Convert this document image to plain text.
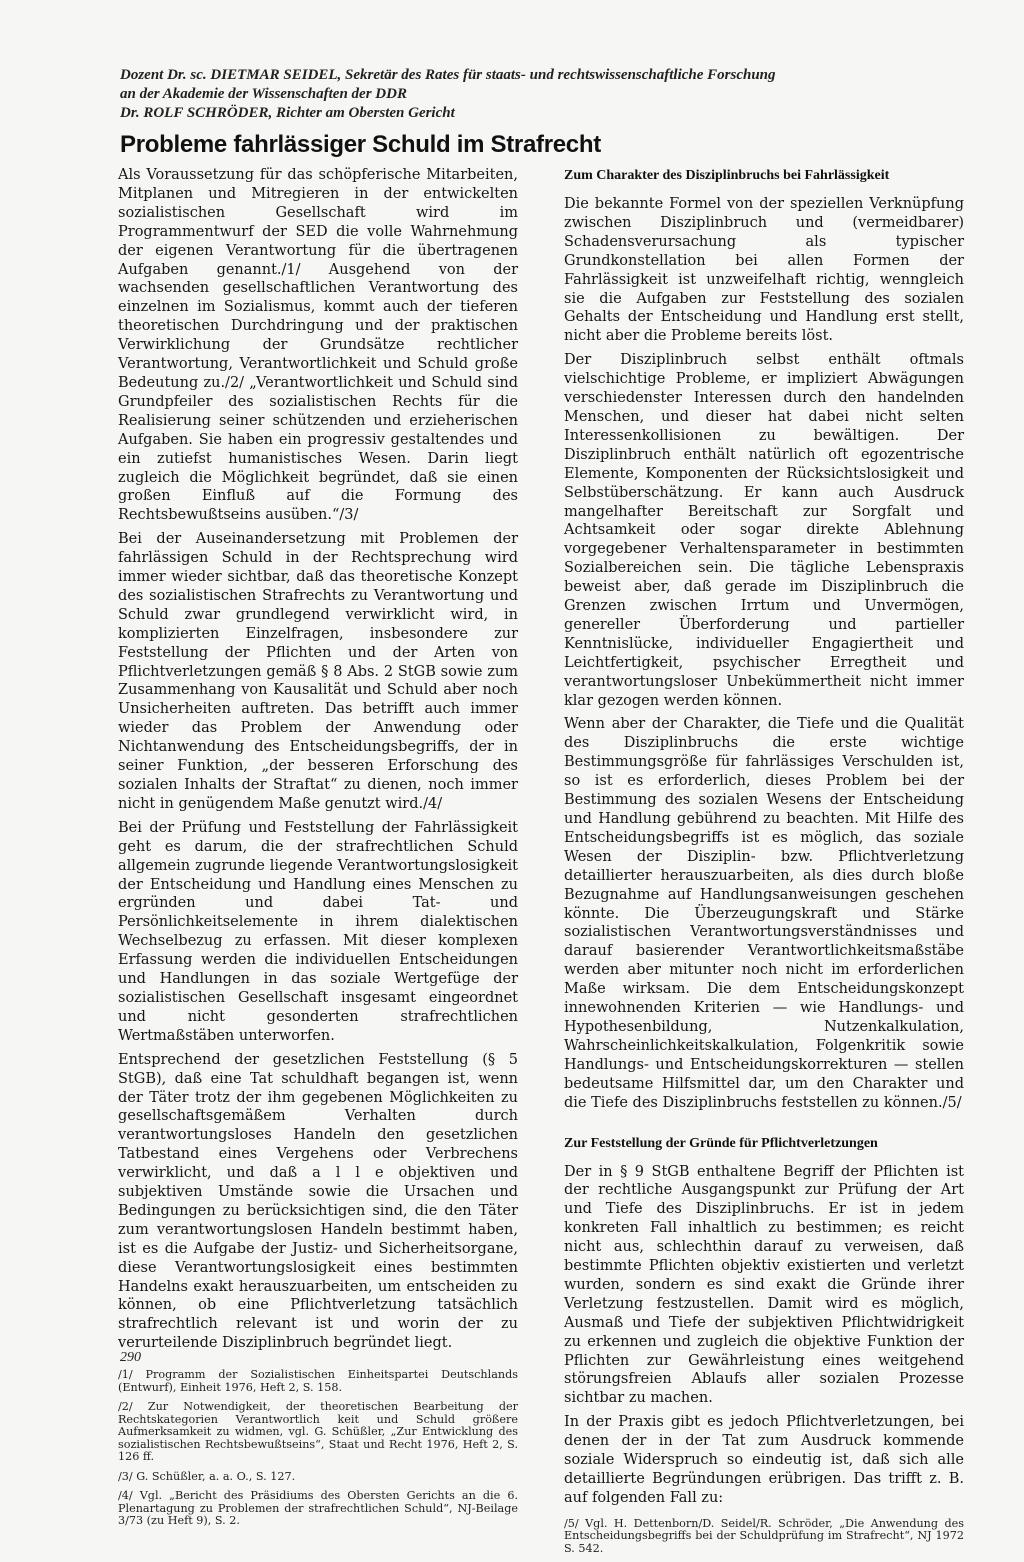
Dozent Dr. sc. DIETMAR SEIDEL, Sekretär des Rates für staats- und rechtswissenschaftliche Forschung
an der Akademie der Wissenschaften der DDR
Dr. ROLF SCHRÖDER, Richter am Obersten Gericht
Probleme fahrlässiger Schuld im Strafrecht

Als Voraussetzung für das schöpferische Mitarbeiten, Mitplanen und Mitregieren in der entwickelten sozialistischen Gesellschaft wird im Programmentwurf der SED die volle Wahrnehmung der eigenen Verantwortung für die übertragenen Aufgaben genannt./1/ Ausgehend von der wachsenden gesellschaftlichen Verantwortung des einzelnen im Sozialismus, kommt auch der tieferen theoretischen Durchdringung und der praktischen Verwirklichung der Grundsätze rechtlicher Verantwortung, Verantwortlichkeit und Schuld große Bedeutung zu./2/ „Verantwortlichkeit und Schuld sind Grundpfeiler des sozialistischen Rechts für die Realisierung seiner schützenden und erzieherischen Aufgaben. Sie haben ein progressiv gestaltendes und ein zutiefst humanistisches Wesen. Darin liegt zugleich die Möglichkeit begründet, daß sie einen großen Einfluß auf die Formung des Rechtsbewußtseins ausüben.“/3/

Bei der Auseinandersetzung mit Problemen der fahrlässigen Schuld in der Rechtsprechung wird immer wieder sichtbar, daß das theoretische Konzept des sozialistischen Strafrechts zu Verantwortung und Schuld zwar grundlegend verwirklicht wird, in komplizierten Einzelfragen, insbesondere zur Feststellung der Pflichten und der Arten von Pflichtverletzungen gemäß § 8 Abs. 2 StGB sowie zum Zusammenhang von Kausalität und Schuld aber noch Unsicherheiten auftreten. Das betrifft auch immer wieder das Problem der Anwendung oder Nichtanwendung des Entscheidungsbegriffs, der in seiner Funktion, „der besseren Erforschung des sozialen Inhalts der Straftat“ zu dienen, noch immer nicht in genügendem Maße genutzt wird./4/

Bei der Prüfung und Feststellung der Fahrlässigkeit geht es darum, die der strafrechtlichen Schuld allgemein zugrunde liegende Verantwortungslosigkeit der Entscheidung und Handlung eines Menschen zu ergründen und dabei Tat- und Persönlichkeitselemente in ihrem dialektischen Wechselbezug zu erfassen. Mit dieser komplexen Erfassung werden die individuellen Entscheidungen und Handlungen in das soziale Wertgefüge der sozialistischen Gesellschaft insgesamt eingeordnet und nicht gesonderten strafrechtlichen Wertmaßstäben unterworfen.

Entsprechend der gesetzlichen Feststellung (§ 5 StGB), daß eine Tat schuldhaft begangen ist, wenn der Täter trotz der ihm gegebenen Möglichkeiten zu gesellschaftsgemäßem Verhalten durch verantwortungsloses Handeln den gesetzlichen Tatbestand eines Vergehens oder Verbrechens verwirklicht, und daß a l l e objektiven und subjektiven Umstände sowie die Ursachen und Bedingungen zu berücksichtigen sind, die den Täter zum verantwortungslosen Handeln bestimmt haben, ist es die Aufgabe der Justiz- und Sicherheitsorgane, diese Verantwortungslosigkeit eines bestimmten Handelns exakt herauszuarbeiten, um entscheiden zu können, ob eine Pflichtverletzung tatsächlich strafrechtlich relevant ist und worin der zu verurteilende Disziplinbruch begründet liegt.

/1/ Programm der Sozialistischen Einheitspartei Deutschlands (Entwurf), Einheit 1976, Heft 2, S. 158.
/2/ Zur Notwendigkeit, der theoretischen Bearbeitung der Rechtskategorien Verantwortlich keit und Schuld größere Aufmerksamkeit zu widmen, vgl. G. Schüßler, „Zur Entwicklung des sozialistischen Rechtsbewußtseins“, Staat und Recht 1976, Heft 2, S. 126 ff.
/3/ G. Schüßler, a. a. O., S. 127.
/4/ Vgl. „Bericht des Präsidiums des Obersten Gerichts an die 6. Plenartagung zu Problemen der strafrechtlichen Schuld“, NJ-Beilage 3/73 (zu Heft 9), S. 2.
Zum Charakter des Disziplinbruchs bei Fahrlässigkeit

Die bekannte Formel von der speziellen Verknüpfung zwischen Disziplinbruch und (vermeidbarer) Schadensverursachung als typischer Grundkonstellation bei allen Formen der Fahrlässigkeit ist unzweifelhaft richtig, wenngleich sie die Aufgaben zur Feststellung des sozialen Gehalts der Entscheidung und Handlung erst stellt, nicht aber die Probleme bereits löst.

Der Disziplinbruch selbst enthält oftmals vielschichtige Probleme, er impliziert Abwägungen verschiedenster Interessen durch den handelnden Menschen, und dieser hat dabei nicht selten Interessenkollisionen zu bewältigen. Der Disziplinbruch enthält natürlich oft egozentrische Elemente, Komponenten der Rücksichtslosigkeit und Selbstüberschätzung. Er kann auch Ausdruck mangelhafter Bereitschaft zur Sorgfalt und Achtsamkeit oder sogar direkte Ablehnung vorgegebener Verhaltensparameter in bestimmten Sozialbereichen sein. Die tägliche Lebenspraxis beweist aber, daß gerade im Disziplinbruch die Grenzen zwischen Irrtum und Unvermögen, genereller Überforderung und partieller Kenntnislücke, individueller Engagiertheit und Leichtfertigkeit, psychischer Erregtheit und verantwortungsloser Unbekümmertheit nicht immer klar gezogen werden können.

Wenn aber der Charakter, die Tiefe und die Qualität des Disziplinbruchs die erste wichtige Bestimmungsgröße für fahrlässiges Verschulden ist, so ist es erforderlich, dieses Problem bei der Bestimmung des sozialen Wesens der Entscheidung und Handlung gebührend zu beachten. Mit Hilfe des Entscheidungsbegriffs ist es möglich, das soziale Wesen der Disziplin- bzw. Pflichtverletzung detaillierter herauszuarbeiten, als dies durch bloße Bezugnahme auf Handlungsanweisungen geschehen könnte. Die Überzeugungskraft und Stärke sozialistischen Verantwortungsverständnisses und darauf basierender Verantwortlichkeitsmaßstäbe werden aber mitunter noch nicht im erforderlichen Maße wirksam. Die dem Entscheidungskonzept innewohnenden Kriterien — wie Handlungs- und Hypothesenbildung, Nutzenkalkulation, Wahrscheinlichkeitskalkulation, Folgenkritik sowie Handlungs- und Entscheidungskorrekturen — stellen bedeutsame Hilfsmittel dar, um den Charakter und die Tiefe des Disziplinbruchs feststellen zu können./5/

Zur Feststellung der Gründe für Pflichtverletzungen

Der in § 9 StGB enthaltene Begriff der Pflichten ist der rechtliche Ausgangspunkt zur Prüfung der Art und Tiefe des Disziplinbruchs. Er ist in jedem konkreten Fall inhaltlich zu bestimmen; es reicht nicht aus, schlechthin darauf zu verweisen, daß bestimmte Pflichten objektiv existierten und verletzt wurden, sondern es sind exakt die Gründe ihrer Verletzung festzustellen. Damit wird es möglich, Ausmaß und Tiefe der subjektiven Pflichtwidrigkeit zu erkennen und zugleich die objektive Funktion der Pflichten zur Gewährleistung eines weitgehend störungsfreien Ablaufs aller sozialen Prozesse sichtbar zu machen.

In der Praxis gibt es jedoch Pflichtverletzungen, bei denen der in der Tat zum Ausdruck kommende soziale Widerspruch so eindeutig ist, daß sich alle detaillierte Begründungen erübrigen. Das trifft z. B. auf folgenden Fall zu:

/5/ Vgl. H. Dettenborn/D. Seidel/R. Schröder, „Die Anwendung des Entscheidungsbegriffs bei der Schuldprüfung im Strafrecht“, NJ 1972 S. 542.
290
